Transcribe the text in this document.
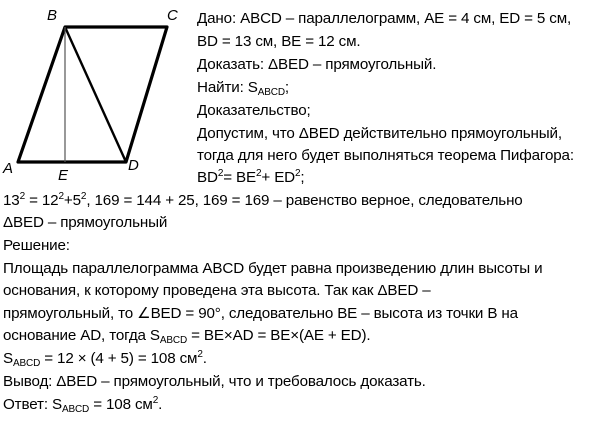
B	C
A	E
D
Дано: ABCD – параллелограмм, AE = 4 см, ED = 5 см,
BD = 13 см, BE = 12 см.
Доказать: ΔBED – прямоугольный.
Найти: $S_{ABCD}$;
Доказательство;
Допустим, что ΔBED действительно прямоугольный,
тогда для него будет выполняться теорема Пифагора:
$BD^2= BE^2+ ED^2$;
$13^2 = 12^2+5^2$, 169 = 144 + 25, 169 = 169 – равенство верное, следовательно
ΔBED – прямоугольный
Решение:
Площадь параллелограмма ABCD будет равна произведению длин высоты и
основания, к которому проведена эта высота. Так как ΔBED –
прямоугольный, то ∠BED = 90°, следовательно BE – высота из точки B на
основание AD, тогда $S_{ABCD} = BE\times AD = BE\times(AE + ED)$.
$S_{ABCD} = 12 \times (4 + 5) = 108$ $см^2$.
Вывод: ΔBED – прямоугольный, что и требовалось доказать.
Ответ: $S_{ABCD} = 108$ $см^2$.
